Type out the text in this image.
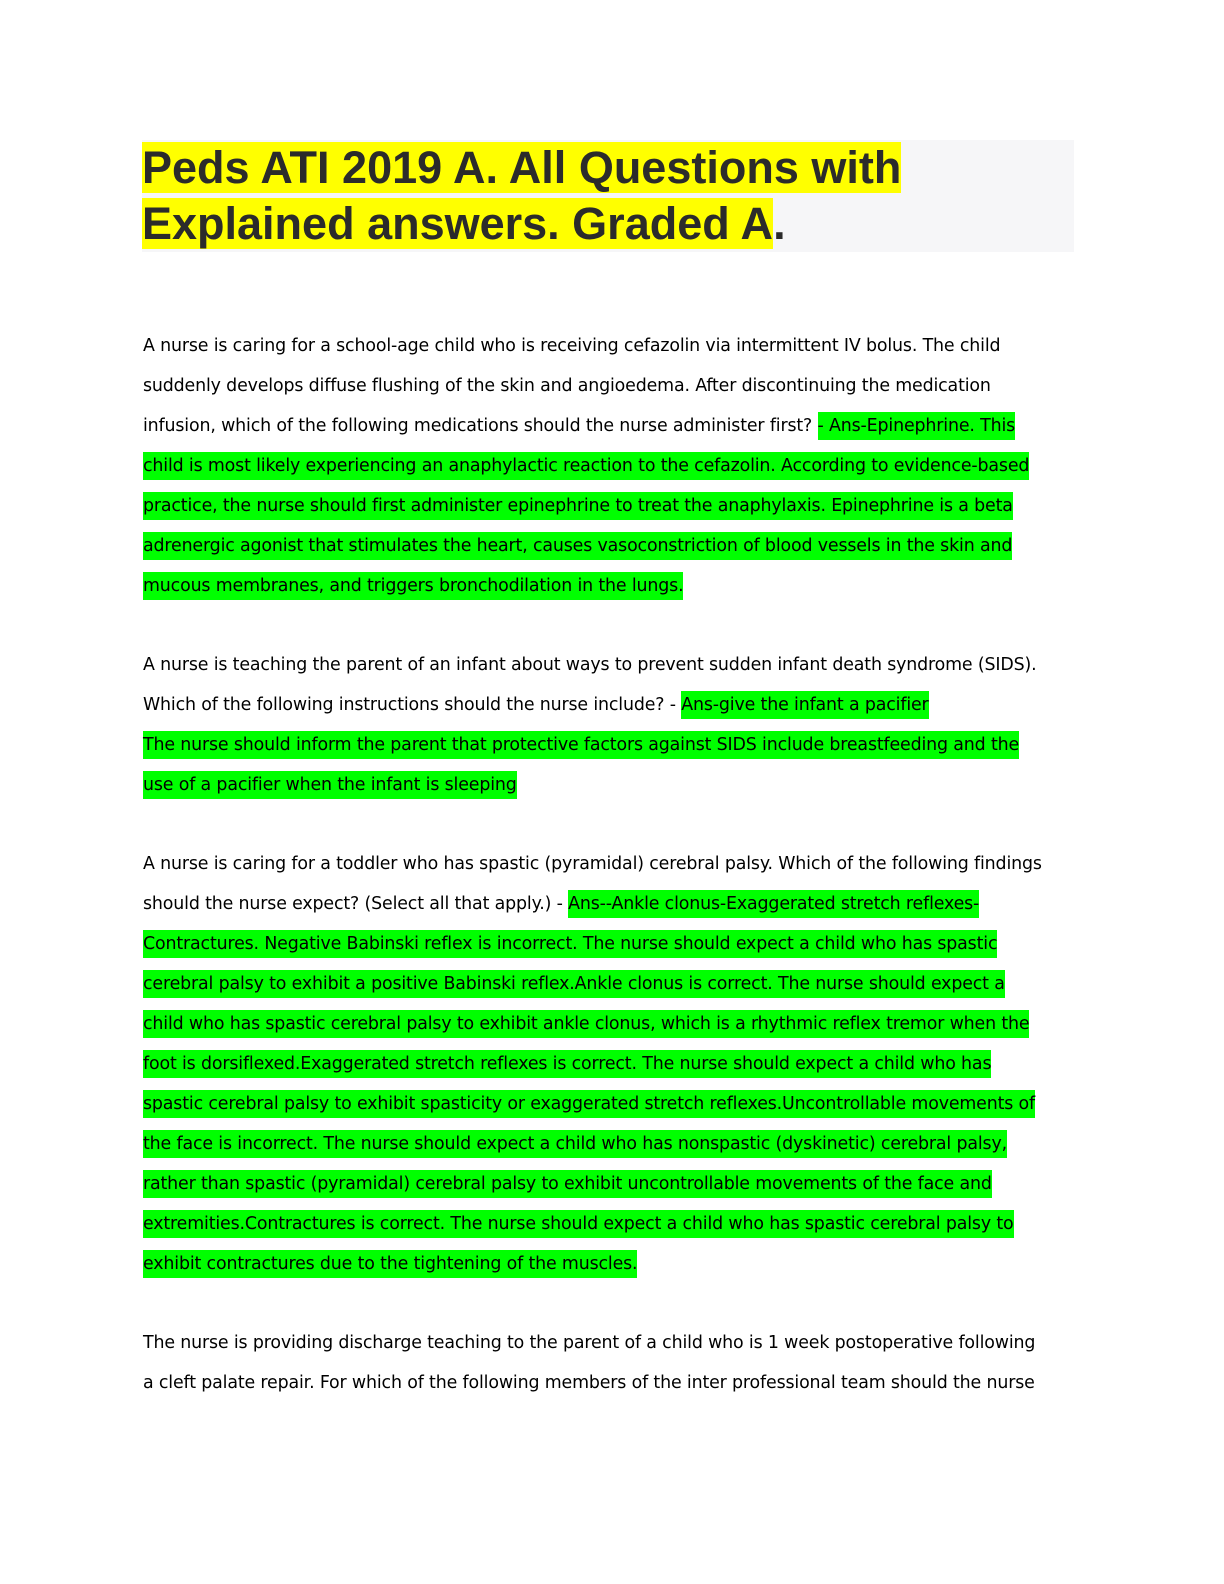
Peds ATI 2019 A. All Questions with
Explained answers. Graded A.
A nurse is caring for a school-age child who is receiving cefazolin via intermittent IV bolus. The child
suddenly develops diffuse flushing of the skin and angioedema. After discontinuing the medication
infusion, which of the following medications should the nurse administer first? - Ans-Epinephrine. This
child is most likely experiencing an anaphylactic reaction to the cefazolin. According to evidence-based
practice, the nurse should first administer epinephrine to treat the anaphylaxis. Epinephrine is a beta
adrenergic agonist that stimulates the heart, causes vasoconstriction of blood vessels in the skin and
mucous membranes, and triggers bronchodilation in the lungs.
A nurse is teaching the parent of an infant about ways to prevent sudden infant death syndrome (SIDS).
Which of the following instructions should the nurse include? - Ans-give the infant a pacifier
The nurse should inform the parent that protective factors against SIDS include breastfeeding and the
use of a pacifier when the infant is sleeping
A nurse is caring for a toddler who has spastic (pyramidal) cerebral palsy. Which of the following findings
should the nurse expect? (Select all that apply.) - Ans--Ankle clonus-Exaggerated stretch reflexes-
Contractures. Negative Babinski reflex is incorrect. The nurse should expect a child who has spastic
cerebral palsy to exhibit a positive Babinski reflex.Ankle clonus is correct. The nurse should expect a
child who has spastic cerebral palsy to exhibit ankle clonus, which is a rhythmic reflex tremor when the
foot is dorsiflexed.Exaggerated stretch reflexes is correct. The nurse should expect a child who has
spastic cerebral palsy to exhibit spasticity or exaggerated stretch reflexes.Uncontrollable movements of
the face is incorrect. The nurse should expect a child who has nonspastic (dyskinetic) cerebral palsy,
rather than spastic (pyramidal) cerebral palsy to exhibit uncontrollable movements of the face and
extremities.Contractures is correct. The nurse should expect a child who has spastic cerebral palsy to
exhibit contractures due to the tightening of the muscles.
The nurse is providing discharge teaching to the parent of a child who is 1 week postoperative following
a cleft palate repair. For which of the following members of the inter professional team should the nurse
